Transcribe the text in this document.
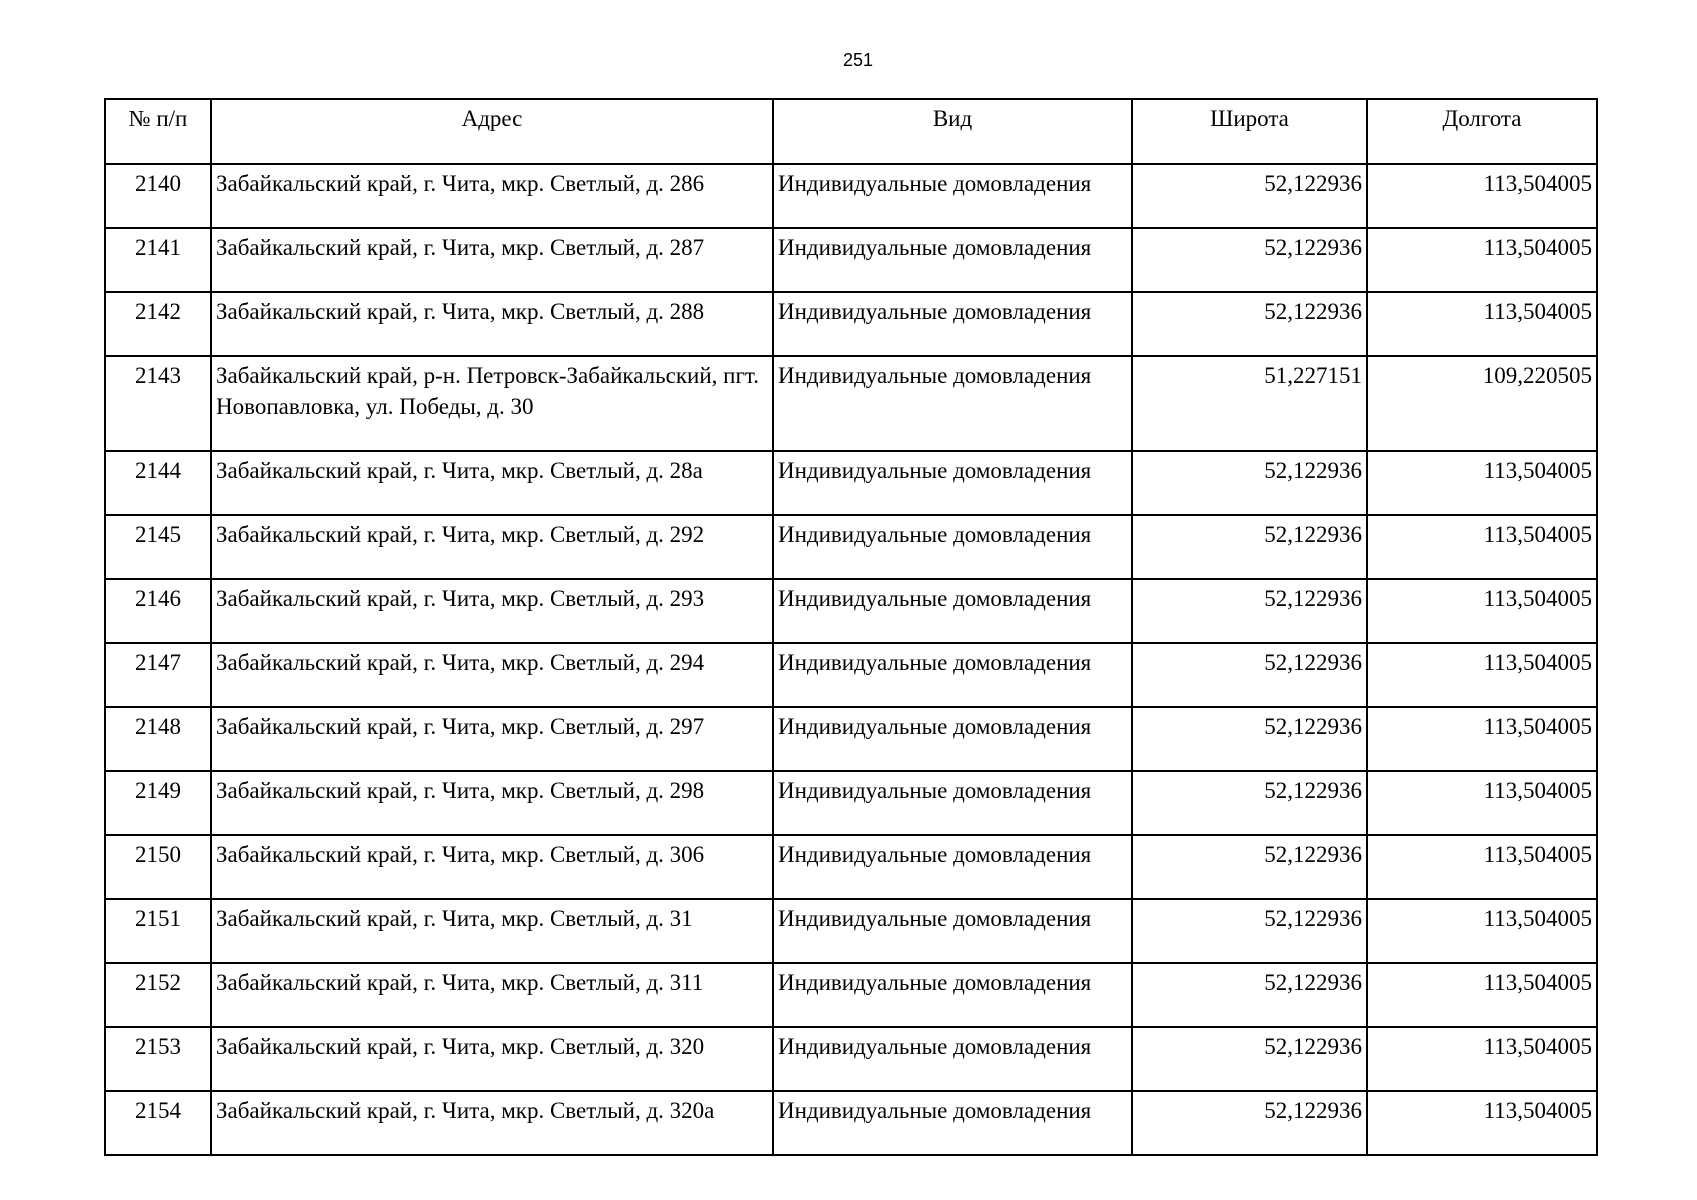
251
№ п/п	Адрес	Вид	Широта	Долгота
2140	Забайкальский край, г. Чита, мкр. Светлый, д. 286	Индивидуальные домовладения	52,122936	113,504005
2141	Забайкальский край, г. Чита, мкр. Светлый, д. 287	Индивидуальные домовладения	52,122936	113,504005
2142	Забайкальский край, г. Чита, мкр. Светлый, д. 288	Индивидуальные домовладения	52,122936	113,504005
2143	Забайкальский край, р-н. Петровск-Забайкальский, пгт. Новопавловка, ул. Победы, д. 30	Индивидуальные домовладения	51,227151	109,220505
2144	Забайкальский край, г. Чита, мкр. Светлый, д. 28а	Индивидуальные домовладения	52,122936	113,504005
2145	Забайкальский край, г. Чита, мкр. Светлый, д. 292	Индивидуальные домовладения	52,122936	113,504005
2146	Забайкальский край, г. Чита, мкр. Светлый, д. 293	Индивидуальные домовладения	52,122936	113,504005
2147	Забайкальский край, г. Чита, мкр. Светлый, д. 294	Индивидуальные домовладения	52,122936	113,504005
2148	Забайкальский край, г. Чита, мкр. Светлый, д. 297	Индивидуальные домовладения	52,122936	113,504005
2149	Забайкальский край, г. Чита, мкр. Светлый, д. 298	Индивидуальные домовладения	52,122936	113,504005
2150	Забайкальский край, г. Чита, мкр. Светлый, д. 306	Индивидуальные домовладения	52,122936	113,504005
2151	Забайкальский край, г. Чита, мкр. Светлый, д. 31	Индивидуальные домовладения	52,122936	113,504005
2152	Забайкальский край, г. Чита, мкр. Светлый, д. 311	Индивидуальные домовладения	52,122936	113,504005
2153	Забайкальский край, г. Чита, мкр. Светлый, д. 320	Индивидуальные домовладения	52,122936	113,504005
2154	Забайкальский край, г. Чита, мкр. Светлый, д. 320а	Индивидуальные домовладения	52,122936	113,504005
